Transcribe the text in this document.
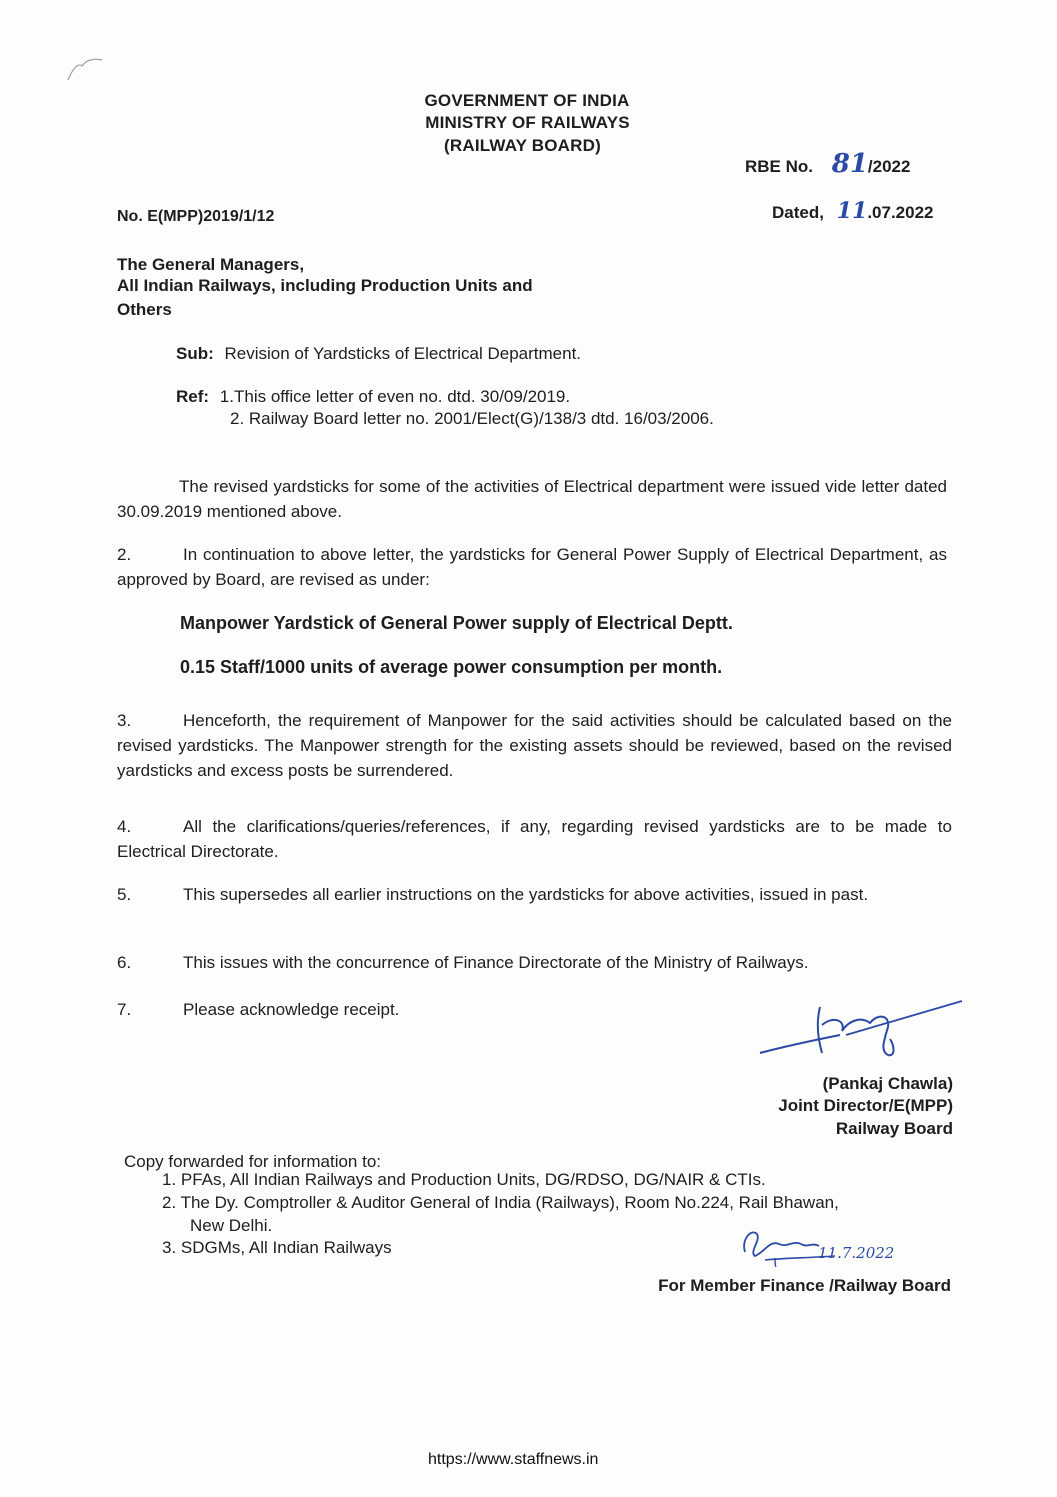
GOVERNMENT OF INDIA
MINISTRY OF RAILWAYS
(RAILWAY BOARD)
RBE No. 81/2022
No. E(MPP)2019/1/12	Dated, 11.07.2022
The General Managers,
All Indian Railways, including Production Units and
Others
Sub: Revision of Yardsticks of Electrical Department.
Ref: 1.This office letter of even no. dtd. 30/09/2019.
2. Railway Board letter no. 2001/Elect(G)/138/3 dtd. 16/03/2006.
The revised yardsticks for some of the activities of Electrical department were issued vide letter dated 30.09.2019 mentioned above.
2.	In continuation to above letter, the yardsticks for General Power Supply of Electrical Department, as approved by Board, are revised as under:
Manpower Yardstick of General Power supply of Electrical Deptt.
0.15 Staff/1000 units of average power consumption per month.
3.	Henceforth, the requirement of Manpower for the said activities should be calculated based on the revised yardsticks. The Manpower strength for the existing assets should be reviewed, based on the revised yardsticks and excess posts be surrendered.
4.	All the clarifications/queries/references, if any, regarding revised yardsticks are to be made to Electrical Directorate.
5.	This supersedes all earlier instructions on the yardsticks for above activities, issued in past.
6.	This issues with the concurrence of Finance Directorate of the Ministry of Railways.
7.	Please acknowledge receipt.
(Pankaj Chawla)
Joint Director/E(MPP)
Railway Board
Copy forwarded for information to:
1. PFAs, All Indian Railways and Production Units, DG/RDSO, DG/NAIR & CTIs.
2. The Dy. Comptroller & Auditor General of India (Railways), Room No.224, Rail Bhawan,
New Delhi.
3. SDGMs, All Indian Railways	11.7.2022
For Member Finance /Railway Board
https://www.staffnews.in
